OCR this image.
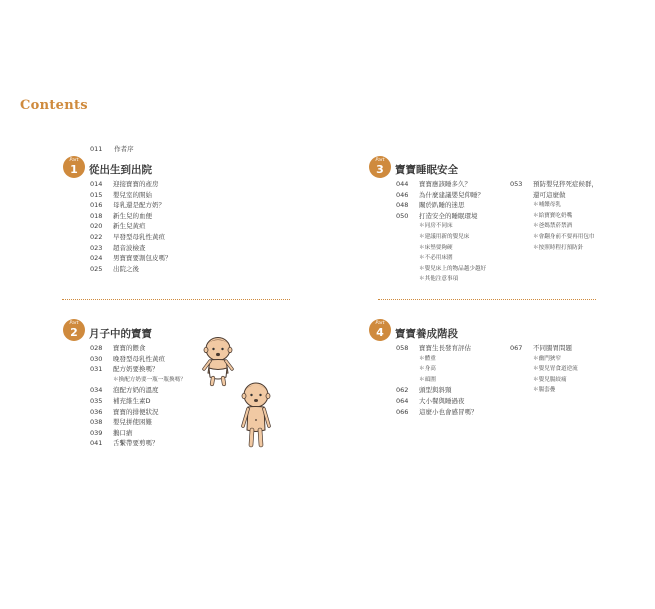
Contents
011 作者序
Part
1	從出生到出院
014 迎接寶寶的產房
015 嬰兒室的開始
016 母乳還是配方奶？
018 新生兒的血便
020 新生兒黃疸
022 早發型母乳性黃疸
023 超音波檢查
024 男寶寶要割包皮嗎？
025 出院之後
Part
2	月子中的寶寶
028 寶寶的餵食
030 晚發型母乳性黃疸
031 配方奶要換嗎？
＊換配方奶要一瓶一瓶換嗎？
034 泡配方奶的溫度
035 補充維生素D
036 寶寶的排便狀況
038 嬰兒拼使困難
039 鵝口瘡
041 舌繫帶要剪嗎？
Part
3	寶寶睡眠安全
044 寶寶應該睡多久？
046 為什麼建議嬰兒仰睡？
048 關於趴睡的迷思
050 打造安全的睡眠環境
＊同房不同床
＊建議用新的嬰兒床
＊床墊要夠硬
＊不必用床圍
＊嬰兒床上的物品越少越好
＊其他注意事項
053 預防嬰兒猝死症候群，
還可這麼做
＊哺餵母乳
＊給寶寶吃奶嘴
＊爸媽禁菸禁酒
＊會翻身前不要再用包巾
＊按照時程打預防針
Part
4	寶寶養成階段
058 寶寶生長發育評估
＊體重
＊身高
＊頭圍
062 頭型與斜頸
064 大小餐與睡過夜
066 這麼小也會感冒嗎？
067 不同腸胃問題
＊幽門狹窄
＊嬰兒胃食道逆流
＊嬰兒腸絞痛
＊腸套疊
